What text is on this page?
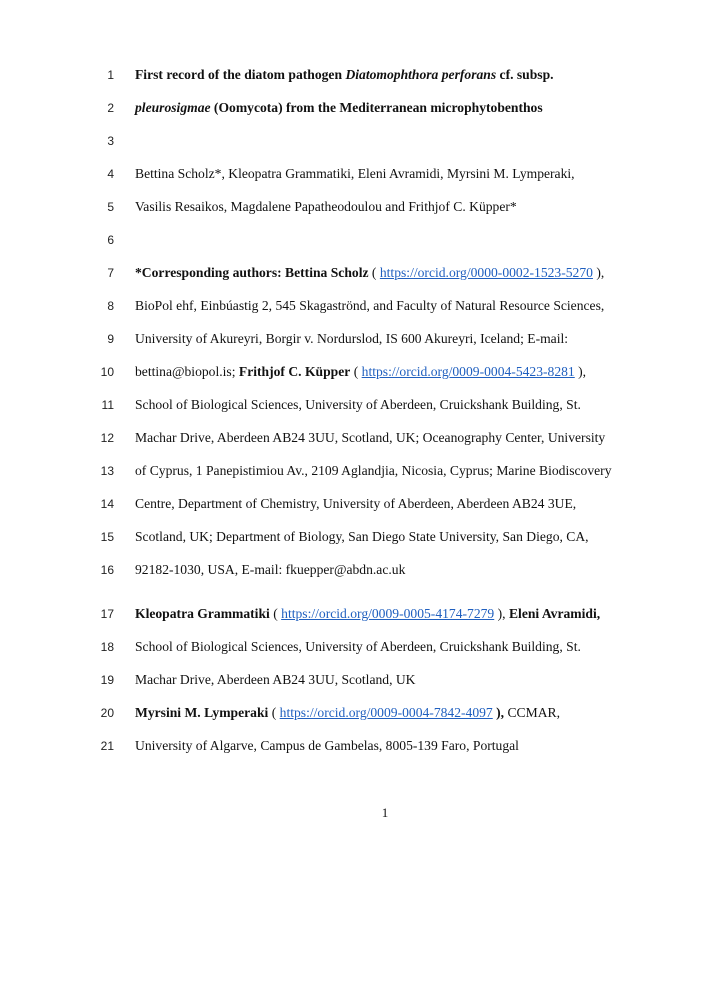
1 First record of the diatom pathogen Diatomophthora perforans cf. subsp.
2 pleurosigmae (Oomycota) from the Mediterranean microphytobenthos
3
4 Bettina Scholz*, Kleopatra Grammatiki, Eleni Avramidi, Myrsini M. Lymperaki,
5 Vasilis Resaikos, Magdalene Papatheodoulou and Frithjof C. Küpper*
6
7 *Corresponding authors: Bettina Scholz ( https://orcid.org/0000-0002-1523-5270 ),
8 BioPol ehf, Einbúastig 2, 545 Skagaströnd, and Faculty of Natural Resource Sciences,
9 University of Akureyri, Borgir v. Nordurslod, IS 600 Akureyri, Iceland; E-mail:
10 bettina@biopol.is; Frithjof C. Küpper ( https://orcid.org/0009-0004-5423-8281 ),
11 School of Biological Sciences, University of Aberdeen, Cruickshank Building, St.
12 Machar Drive, Aberdeen AB24 3UU, Scotland, UK; Oceanography Center, University
13 of Cyprus, 1 Panepistimiou Av., 2109 Aglandjia, Nicosia, Cyprus; Marine Biodiscovery
14 Centre, Department of Chemistry, University of Aberdeen, Aberdeen AB24 3UE,
15 Scotland, UK; Department of Biology, San Diego State University, San Diego, CA,
16 92182-1030, USA, E-mail: fkuepper@abdn.ac.uk
17 Kleopatra Grammatiki ( https://orcid.org/0009-0005-4174-7279 ), Eleni Avramidi,
18 School of Biological Sciences, University of Aberdeen, Cruickshank Building, St.
19 Machar Drive, Aberdeen AB24 3UU, Scotland, UK
20 Myrsini M. Lymperaki ( https://orcid.org/0009-0004-7842-4097 ), CCMAR,
21 University of Algarve, Campus de Gambelas, 8005-139 Faro, Portugal
1
